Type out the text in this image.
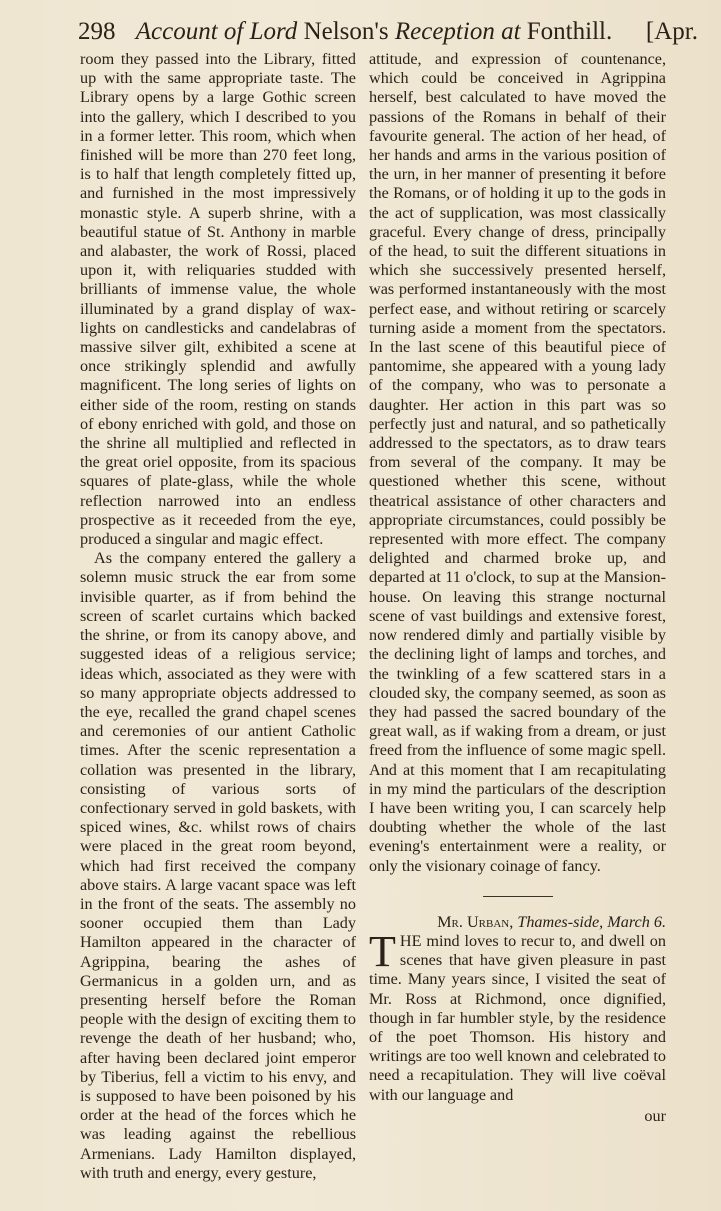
298 Account of Lord Nelson's Reception at Fonthill. [Apr.

room they passed into the Library, fitted up with the same appropriate taste. The Library opens by a large Gothic screen into the gallery, which I described to you in a former letter. This room, which when finished will be more than 270 feet long, is to half that length completely fitted up, and furnished in the most impressively monastic style. A superb shrine, with a beautiful statue of St. Anthony in marble and alabaster, the work of Rossi, placed upon it, with reliquaries studded with brilliants of immense value, the whole illuminated by a grand display of wax-lights on candlesticks and candelabras of massive silver gilt, exhibited a scene at once strikingly splendid and awfully magnificent. The long series of lights on either side of the room, resting on stands of ebony enriched with gold, and those on the shrine all multiplied and reflected in the great oriel opposite, from its spacious squares of plate-glass, while the whole reflection narrowed into an endless prospective as it receeded from the eye, produced a singular and magic effect.

As the company entered the gallery a solemn music struck the ear from some invisible quarter, as if from behind the screen of scarlet curtains which backed the shrine, or from its canopy above, and suggested ideas of a religious service; ideas which, associated as they were with so many appropriate objects addressed to the eye, recalled the grand chapel scenes and ceremonies of our antient Catholic times. After the scenic representation a collation was presented in the library, consisting of various sorts of confectionary served in gold baskets, with spiced wines, &c. whilst rows of chairs were placed in the great room beyond, which had first received the company above stairs. A large vacant space was left in the front of the seats. The assembly no sooner occupied them than Lady Hamilton appeared in the character of Agrippina, bearing the ashes of Germanicus in a golden urn, and as presenting herself before the Roman people with the design of exciting them to revenge the death of her husband; who, after having been declared joint emperor by Tiberius, fell a victim to his envy, and is supposed to have been poisoned by his order at the head of the forces which he was leading against the rebellious Armenians. Lady Hamilton displayed, with truth and energy, every gesture,

attitude, and expression of countenance, which could be conceived in Agrippina herself, best calculated to have moved the passions of the Romans in behalf of their favourite general. The action of her head, of her hands and arms in the various position of the urn, in her manner of presenting it before the Romans, or of holding it up to the gods in the act of supplication, was most classically graceful. Every change of dress, principally of the head, to suit the different situations in which she successively presented herself, was performed instantaneously with the most perfect ease, and without retiring or scarcely turning aside a moment from the spectators. In the last scene of this beautiful piece of pantomime, she appeared with a young lady of the company, who was to personate a daughter. Her action in this part was so perfectly just and natural, and so pathetically addressed to the spectators, as to draw tears from several of the company. It may be questioned whether this scene, without theatrical assistance of other characters and appropriate circumstances, could possibly be represented with more effect. The company delighted and charmed broke up, and departed at 11 o'clock, to sup at the Mansion-house. On leaving this strange nocturnal scene of vast buildings and extensive forest, now rendered dimly and partially visible by the declining light of lamps and torches, and the twinkling of a few scattered stars in a clouded sky, the company seemed, as soon as they had passed the sacred boundary of the great wall, as if waking from a dream, or just freed from the influence of some magic spell. And at this moment that I am recapitulating in my mind the particulars of the description I have been writing you, I can scarcely help doubting whether the whole of the last evening's entertainment were a reality, or only the visionary coinage of fancy.

Mr. Urban, Thames-side, March 6.

T HE mind loves to recur to, and dwell on scenes that have given pleasure in past time. Many years since, I visited the seat of Mr. Ross at Richmond, once dignified, though in far humbler style, by the residence of the poet Thomson. His history and writings are too well known and celebrated to need a recapitulation. They will live coëval with our language and

our
